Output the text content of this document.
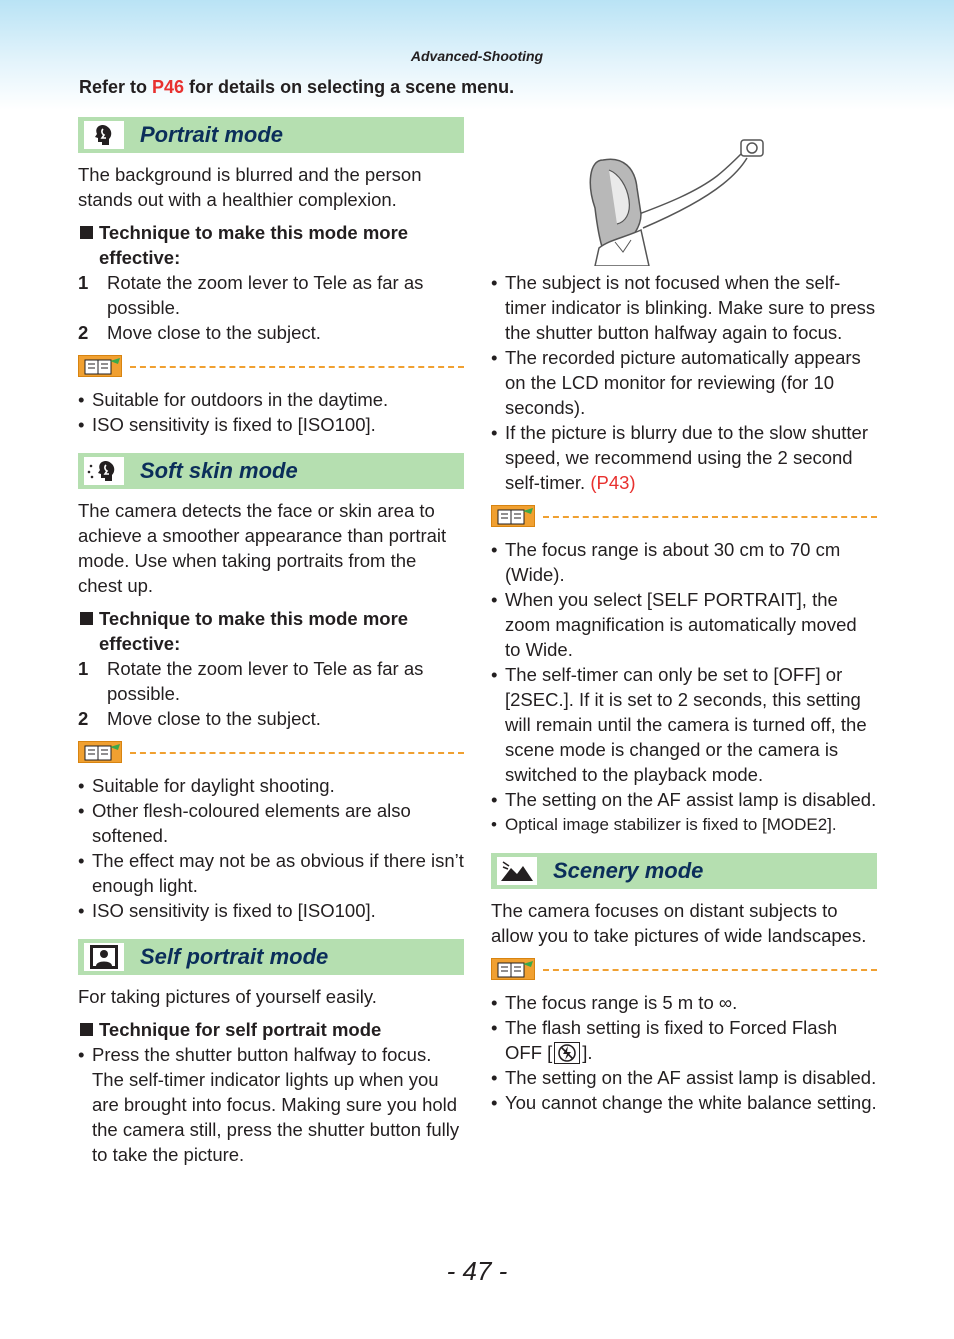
Advanced-Shooting
Refer to P46 for details on selecting a scene menu.
Portrait mode

The background is blurred and the person stands out with a healthier complexion.

Technique to make this mode more effective:
1 Rotate the zoom lever to Tele as far as possible.
2 Move close to the subject.
• Suitable for outdoors in the daytime.
• ISO sensitivity is fixed to [ISO100].
Soft skin mode

The camera detects the face or skin area to achieve a smoother appearance than portrait mode. Use when taking portraits from the chest up.

Technique to make this mode more effective:
1 Rotate the zoom lever to Tele as far as possible.
2 Move close to the subject.
• Suitable for daylight shooting.
• Other flesh-coloured elements are also softened.
• The effect may not be as obvious if there isn’t enough light.
• ISO sensitivity is fixed to [ISO100].
Self portrait mode

For taking pictures of yourself easily.

Technique for self portrait mode
• Press the shutter button halfway to focus. The self-timer indicator lights up when you are brought into focus. Making sure you hold the camera still, press the shutter button fully to take the picture.
• The subject is not focused when the self-timer indicator is blinking. Make sure to press the shutter button halfway again to focus.
• The recorded picture automatically appears on the LCD monitor for reviewing (for 10 seconds).
• If the picture is blurry due to the slow shutter speed, we recommend using the 2 second self-timer. (P43)
• The focus range is about 30 cm to 70 cm (Wide).
• When you select [SELF PORTRAIT], the zoom magnification is automatically moved to Wide.
• The self-timer can only be set to [OFF] or [2SEC.]. If it is set to 2 seconds, this setting will remain until the camera is turned off, the scene mode is changed or the camera is switched to the playback mode.
• The setting on the AF assist lamp is disabled.
• Optical image stabilizer is fixed to [MODE2].
Scenery mode

The camera focuses on distant subjects to allow you to take pictures of wide landscapes.

• The focus range is 5 m to ∞.
• The flash setting is fixed to Forced Flash OFF [ ].
• The setting on the AF assist lamp is disabled.
• You cannot change the white balance setting.
- 47 -
